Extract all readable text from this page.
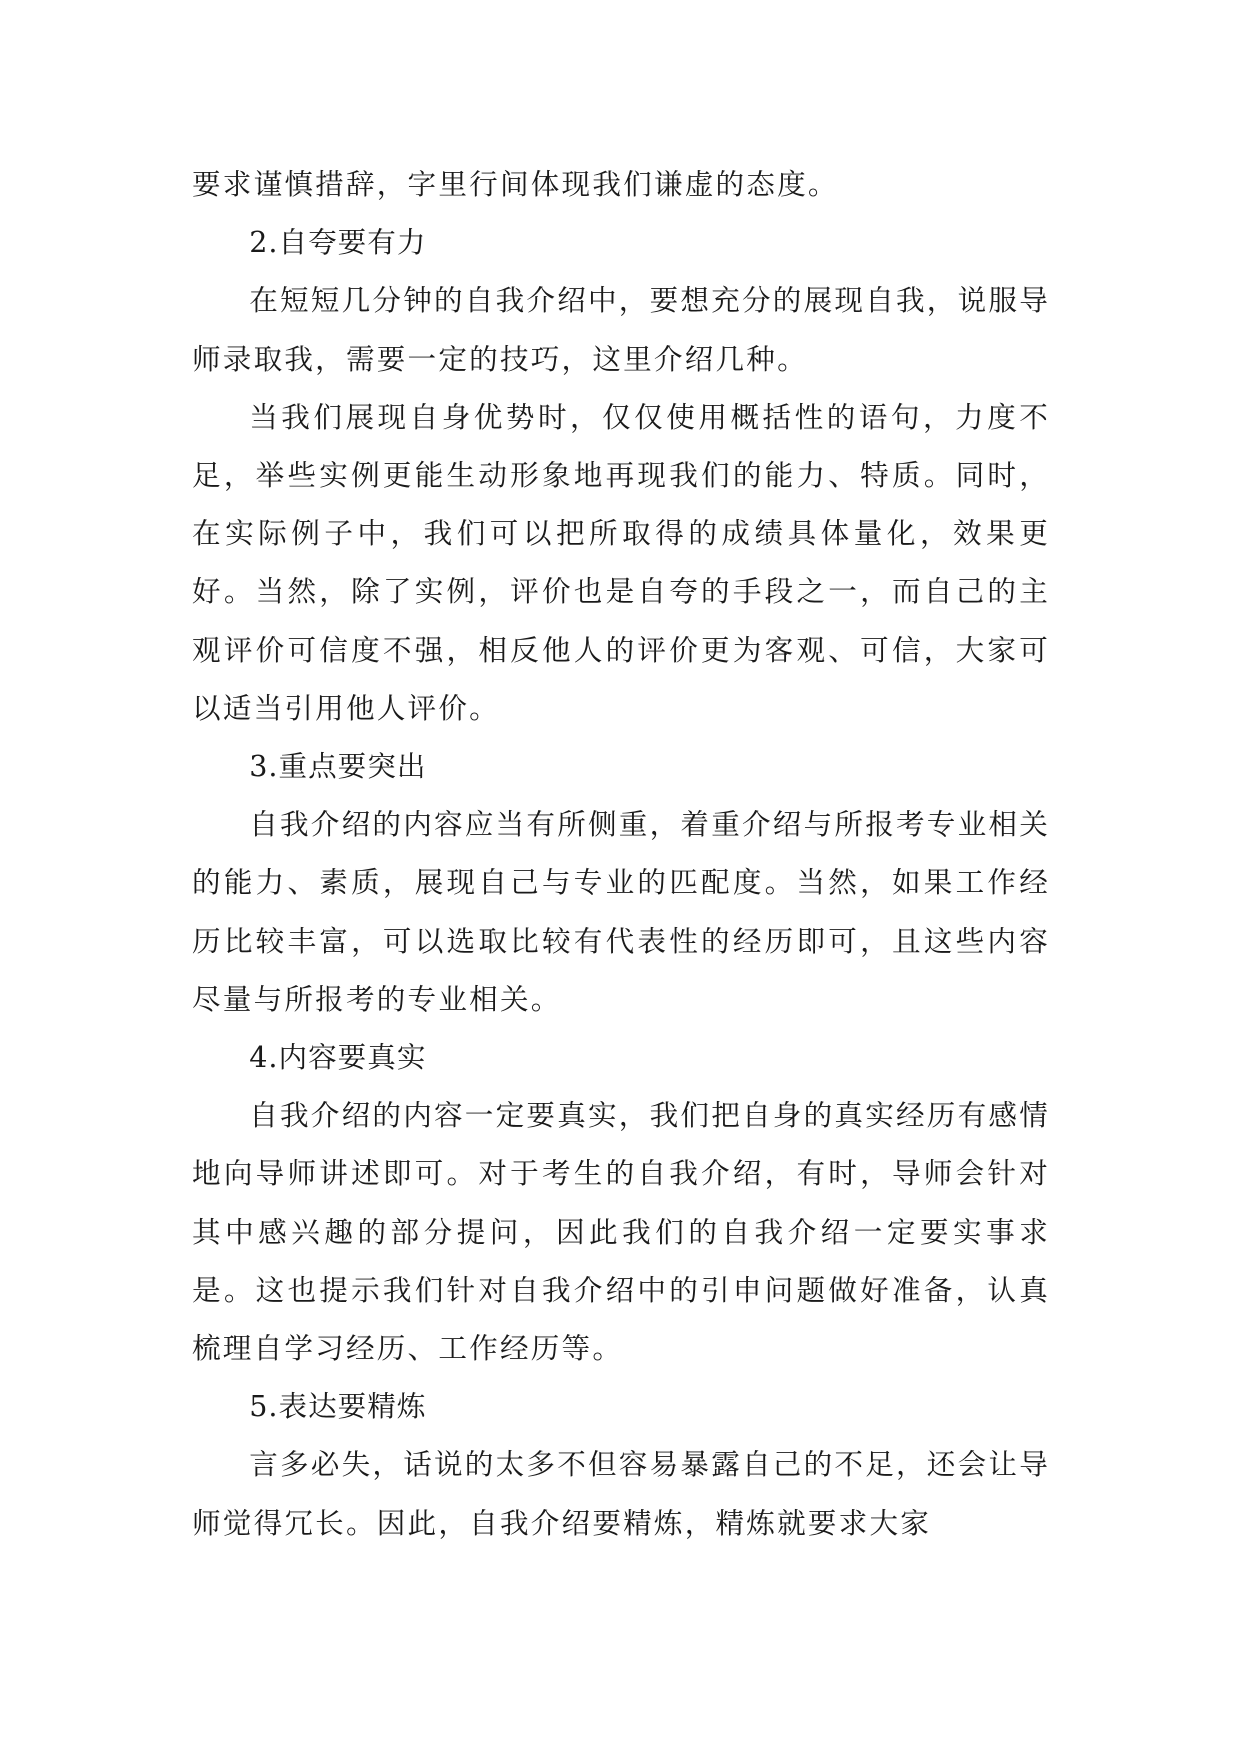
要求谨慎措辞，字里行间体现我们谦虚的态度。

2.自夸要有力

在短短几分钟的自我介绍中，要想充分的展现自我，说服导师录取我，需要一定的技巧，这里介绍几种。

当我们展现自身优势时，仅仅使用概括性的语句，力度不足，举些实例更能生动形象地再现我们的能力、特质。同时，在实际例子中，我们可以把所取得的成绩具体量化，效果更好。当然，除了实例，评价也是自夸的手段之一，而自己的主观评价可信度不强，相反他人的评价更为客观、可信，大家可以适当引用他人评价。

3.重点要突出

自我介绍的内容应当有所侧重，着重介绍与所报考专业相关的能力、素质，展现自己与专业的匹配度。当然，如果工作经历比较丰富，可以选取比较有代表性的经历即可，且这些内容尽量与所报考的专业相关。

4.内容要真实

自我介绍的内容一定要真实，我们把自身的真实经历有感情地向导师讲述即可。对于考生的自我介绍，有时，导师会针对其中感兴趣的部分提问，因此我们的自我介绍一定要实事求是。这也提示我们针对自我介绍中的引申问题做好准备，认真梳理自学习经历、工作经历等。

5.表达要精炼

言多必失，话说的太多不但容易暴露自己的不足，还会让导师觉得冗长。因此，自我介绍要精炼，精炼就要求大家
